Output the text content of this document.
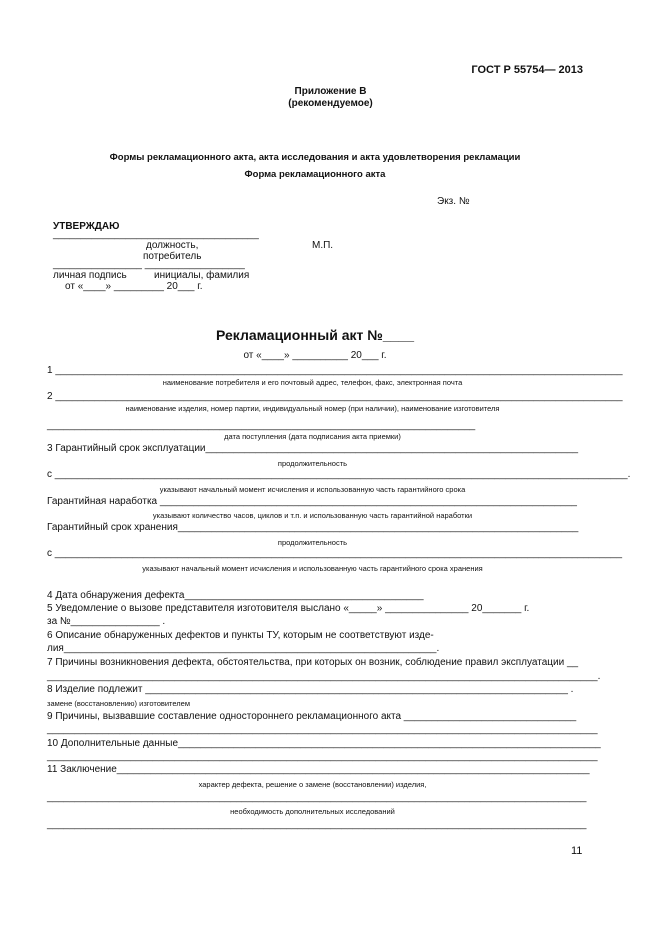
ГОСТ Р 55754— 2013
Приложение В
(рекомендуемое)
Формы рекламационного акта, акта исследования и акта удовлетворения рекламации
Форма рекламационного акта
Экз. №
УТВЕРЖДАЮ
_____________________________________
должность,
потребитель
М.П.
________________ __________________
личная подпись	инициалы, фамилия
от «____» _________ 20___ г.
Рекламационный акт №____
от «____» __________ 20___ г.
1 ______________________________________________________________________________________________________
наименование потребителя и его почтовый адрес, телефон, факс, электронная почта
2 ______________________________________________________________________________________________________
наименование изделия, номер партии, индивидуальный номер (при наличии), наименование изготовителя
_____________________________________________________________________________
дата поступления (дата подписания акта приемки)
3 Гарантийный срок эксплуатации___________________________________________________________________
продолжительность
с _______________________________________________________________________________________________________.
указывают начальный момент исчисления и использованную часть гарантийного срока
Гарантийная наработка ___________________________________________________________________________
указывают количество часов, циклов и т.п. и использованную часть гарантийной наработки
Гарантийный срок хранения________________________________________________________________________
продолжительность
с ______________________________________________________________________________________________________
указывают начальный момент исчисления и использованную часть гарантийного срока хранения
4 Дата обнаружения дефекта___________________________________________
5 Уведомление о вызове представителя изготовителя выслано «_____» _______________ 20_______ г.
за №________________ .
6 Описание обнаруженных дефектов и пункты ТУ, которым не соответствуют изде-
лия___________________________________________________________________.
7 Причины возникновения дефекта, обстоятельства, при которых он возник, соблюдение правил эксплуатации __
___________________________________________________________________________________________________.
8 Изделие подлежит ____________________________________________________________________________ .
замене (восстановлению) изготовителем
9 Причины, вызвавшие составление одностороннего рекламационного акта _______________________________
___________________________________________________________________________________________________
10 Дополнительные данные____________________________________________________________________________
___________________________________________________________________________________________________
11 Заключение_____________________________________________________________________________________
характер дефекта, решение о замене (восстановлении) изделия,
_________________________________________________________________________________________________
необходимость дополнительных исследований
_________________________________________________________________________________________________
11
